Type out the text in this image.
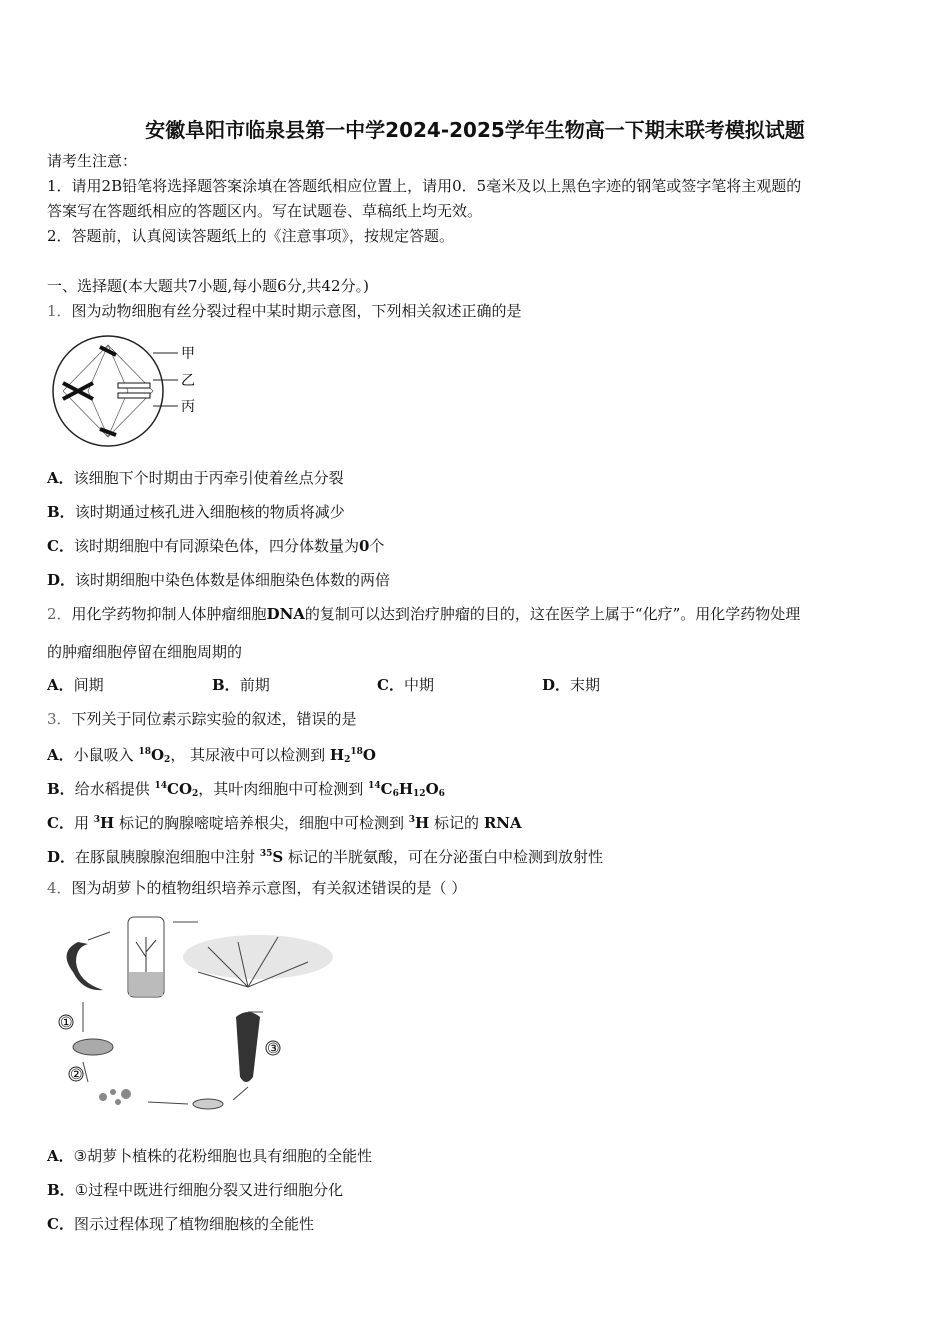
安徽阜阳市临泉县第一中学2024-2025学年生物高一下期末联考模拟试题
请考生注意：
1．请用2B铅笔将选择题答案涂填在答题纸相应位置上，请用0．5毫米及以上黑色字迹的钢笔或签字笔将主观题的
答案写在答题纸相应的答题区内。写在试题卷、草稿纸上均无效。
2．答题前，认真阅读答题纸上的《注意事项》，按规定答题。
一、选择题(本大题共7小题,每小题6分,共42分。)
1．图为动物细胞有丝分裂过程中某时期示意图，下列相关叙述正确的是
甲
乙
丙
A．该细胞下个时期由于丙牵引使着丝点分裂
B．该时期通过核孔进入细胞核的物质将减少
C．该时期细胞中有同源染色体，四分体数量为0个
D．该时期细胞中染色体数是体细胞染色体数的两倍
2．用化学药物抑制人体肿瘤细胞DNA的复制可以达到治疗肿瘤的目的，这在医学上属于“化疗”。用化学药物处理
的肿瘤细胞停留在细胞周期的
A．间期	B．前期	C．中期	D．末期
3．下列关于同位素示踪实验的叙述，错误的是
A．小鼠吸入 $^{18}O_2$， 其尿液中可以检测到 $H_2^{18}O$
B．给水稻提供 $^{14}CO_2$，其叶肉细胞中可检测到 $^{14}C_6H_{12}O_6$
C．用 $^3$H 标记的胸腺嘧啶培养根尖，细胞中可检测到 $^3$H 标记的 RNA
D．在豚鼠胰腺腺泡细胞中注射 $^{35}$S 标记的半胱氨酸，可在分泌蛋白中检测到放射性
4．图为胡萝卜的植物组织培养示意图，有关叙述错误的是（ ）
①
②
③
A．③胡萝卜植株的花粉细胞也具有细胞的全能性
B．①过程中既进行细胞分裂又进行细胞分化
C．图示过程体现了植物细胞核的全能性
